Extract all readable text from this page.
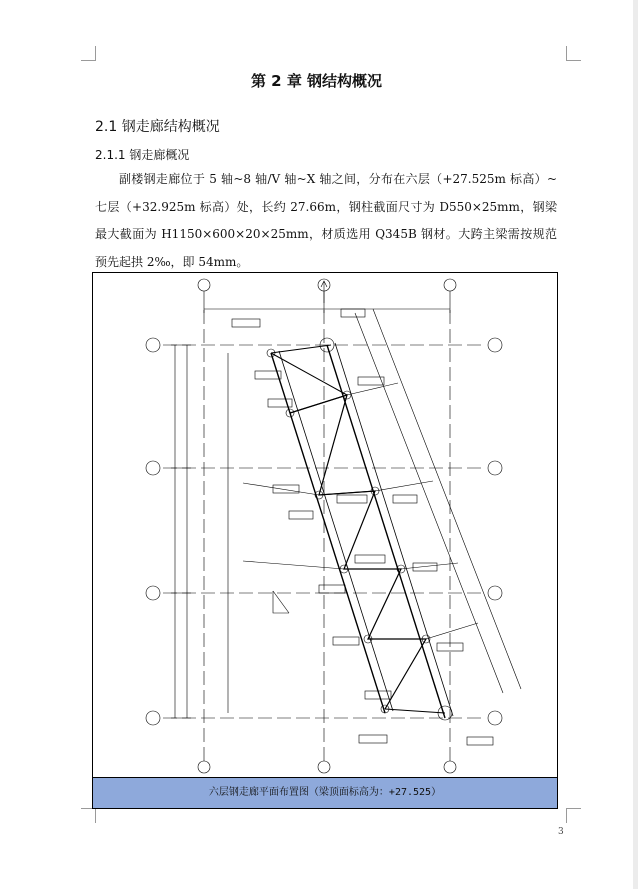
第 2 章 钢结构概况
2.1 钢走廊结构概况
2.1.1 钢走廊概况

副楼钢走廊位于 5 轴~8 轴/V 轴~X 轴之间，分布在六层（+27.525m 标高）~七层（+32.925m 标高）处，长约 27.66m，钢柱截面尺寸为 D550×25mm，钢梁最大截面为 H1150×600×20×25mm，材质选用 Q345B 钢材。大跨主梁需按规范预先起拱 2‰，即 54mm。

六层钢走廊平面布置图（梁顶面标高为：+27.525）
3
